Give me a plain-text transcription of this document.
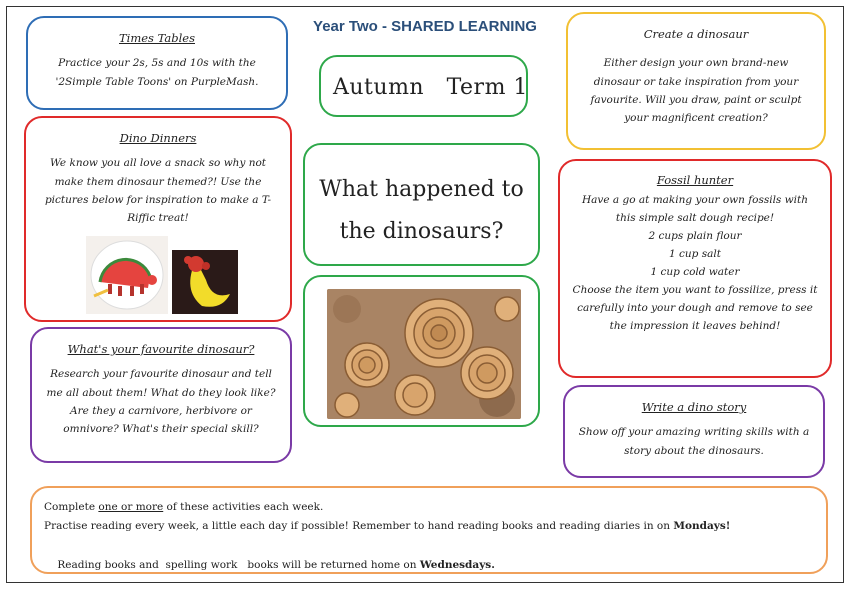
Year Two - SHARED LEARNING
Times Tables

Practice your 2s, 5s and 10s with the '2Simple Table Toons' on PurpleMash.

Dino Dinners

We know you all love a snack so why not make them dinosaur themed?! Use the pictures below for inspiration to make a T-Riffic treat!

What's your favourite dinosaur?

Research your favourite dinosaur and tell me all about them! What do they look like? Are they a carnivore, herbivore or omnivore? What's their special skill?

Autumn   Term 1
What happened to the dinosaurs?
Create a dinosaur

Either design your own brand-new dinosaur or take inspiration from your favourite. Will you draw, paint or sculpt your magnificent creation?

Fossil hunter

Have a go at making your own fossils with this simple salt dough recipe!

2 cups plain flour

1 cup salt

1 cup cold water

Choose the item you want to fossilize, press it carefully into your dough and remove to see the impression it leaves behind!

Write a dino story

Show off your amazing writing skills with a story about the dinosaurs.

Complete one or more of these activities each week.

Practise reading every week, a little each day if possible! Remember to hand reading books and reading diaries in on Mondays!

Reading books and  spelling work   books will be returned home on Wednesdays.
